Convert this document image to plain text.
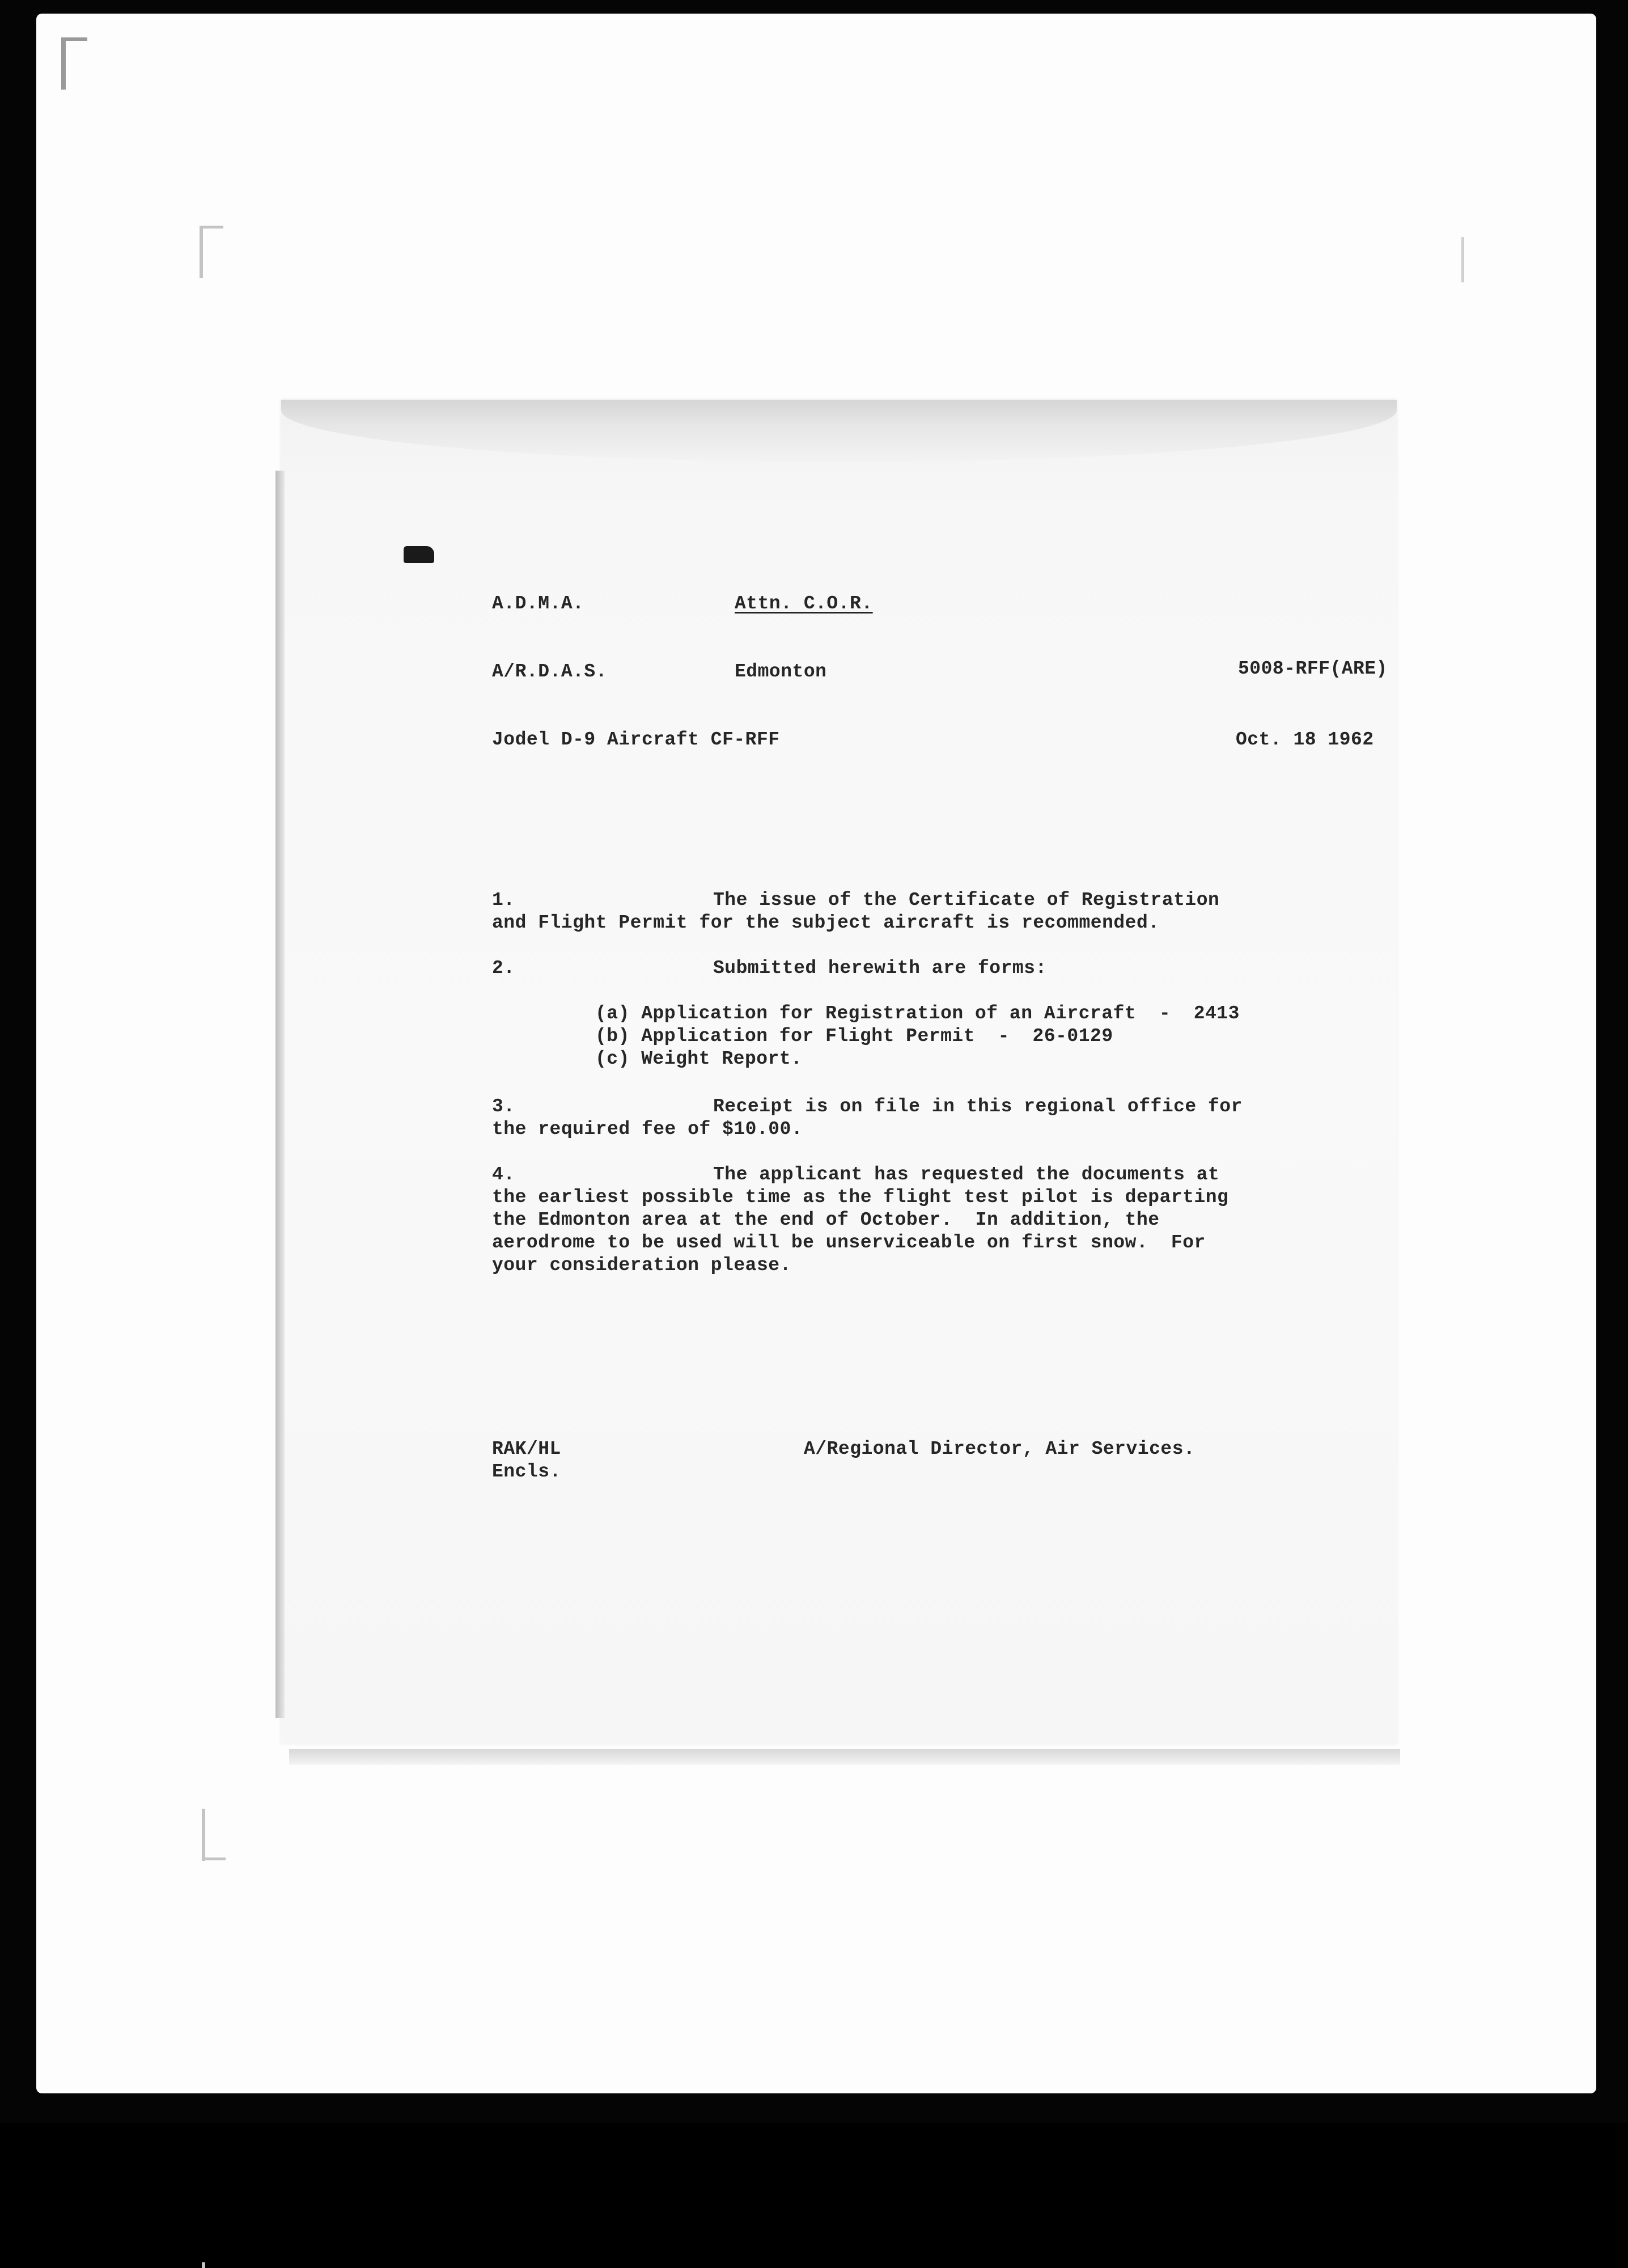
A.D.M.A.	Attn. C.O.R.
A/R.D.A.S.	Edmonton	5008-RFF(ARE)
Jodel D-9 Aircraft CF-RFF	Oct. 18 1962
1.	The issue of the Certificate of Registration
and Flight Permit for the subject aircraft is recommended.
2.	Submitted herewith are forms:
(a) Application for Registration of an Aircraft  -  2413
(b) Application for Flight Permit  -  26-0129
(c) Weight Report.
3.	Receipt is on file in this regional office for
the required fee of $10.00.
4.	The applicant has requested the documents at
the earliest possible time as the flight test pilot is departing
the Edmonton area at the end of October.  In addition, the
aerodrome to be used will be unserviceable on first snow.  For
your consideration please.
RAK/HL
Encls.
A/Regional Director, Air Services.
